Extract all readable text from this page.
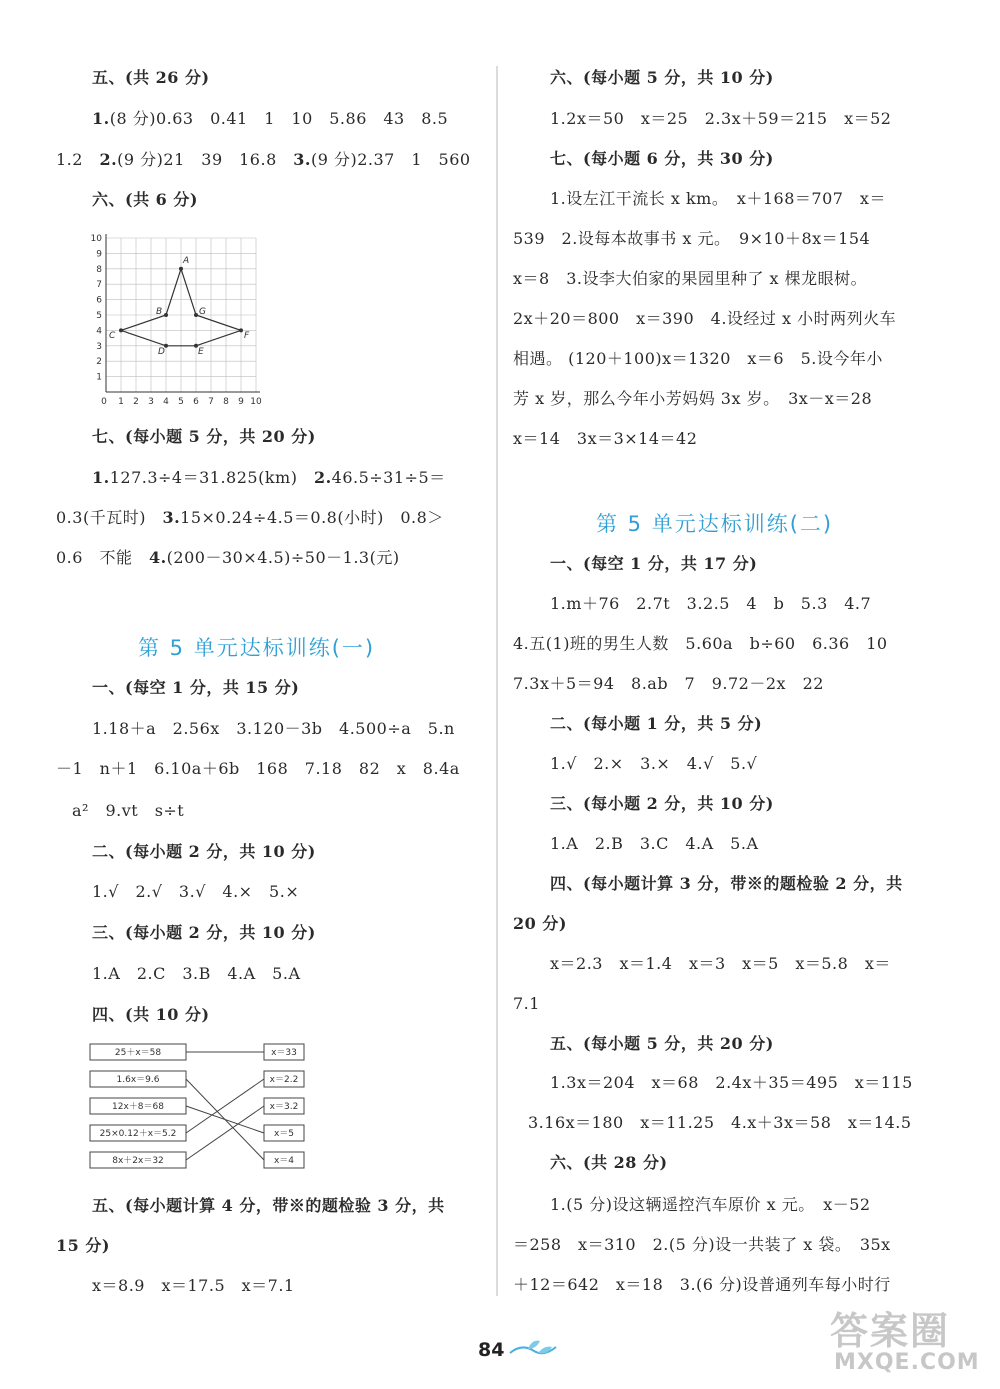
五、(共 26 分)
1.(8 分)0.63　0.41　1　10　5.86　43　8.5
1.2　2.(9 分)21　39　16.8　3.(9 分)2.37　1　560
六、(共 6 分)
A
B	G
C	F
D	E
10
9
8
7
6
5
4
3
2
1
0 1 2 3 4 5 6 7 8 9 10
七、(每小题 5 分，共 20 分)
1.127.3÷4＝31.825(km)　2.46.5÷31÷5＝
0.3(千瓦时)　3.15×0.24÷4.5＝0.8(小时)　0.8＞
0.6　不能　4.(200－30×4.5)÷50－1.3(元)
第 5 单元达标训练(一)
一、(每空 1 分，共 15 分)
1.18＋a　2.56x　3.120－3b　4.500÷a　5.n
－1　n＋1　6.10a＋6b　168　7.18　82　x　8.4a
a²　9.vt　s÷t
二、(每小题 2 分，共 10 分)
1.√　2.√　3.√　4.×　5.×
三、(每小题 2 分，共 10 分)
1.A　2.C　3.B　4.A　5.A
四、(共 10 分)
25＋x＝58
1.6x＝9.6
12x＋8＝68
25×0.12＋x＝5.2
8x＋2x＝32
x＝33
x＝2.2
x＝3.2
x＝5
x＝4
五、(每小题计算 4 分，带※的题检验 3 分，共
15 分)
x＝8.9　x＝17.5　x＝7.1
六、(每小题 5 分，共 10 分)
1.2x＝50　x＝25　2.3x＋59＝215　x＝52
七、(每小题 6 分，共 30 分)
1.设左江干流长 x km。　x＋168＝707　x＝
539　2.设每本故事书 x 元。　9×10＋8x＝154
x＝8　3.设李大伯家的果园里种了 x 棵龙眼树。
2x＋20＝800　x＝390　4.设经过 x 小时两列火车
相遇。 (120＋100)x＝1320　x＝6　5.设今年小
芳 x 岁，那么今年小芳妈妈 3x 岁。　3x－x＝28
x＝14　3x＝3×14＝42
第 5 单元达标训练(二)
一、(每空 1 分，共 17 分)
1.m＋76　2.7t　3.2.5　4　b　5.3　4.7
4.五(1)班的男生人数　5.60a　b÷60　6.36　10
7.3x＋5＝94　8.ab　7　9.72－2x　22
二、(每小题 1 分，共 5 分)
1.√　2.×　3.×　4.√　5.√
三、(每小题 2 分，共 10 分)
1.A　2.B　3.C　4.A　5.A
四、(每小题计算 3 分，带※的题检验 2 分，共
20 分)
x＝2.3　x＝1.4　x＝3　x＝5　x＝5.8　x＝
7.1
五、(每小题 5 分，共 20 分)
1.3x＝204　x＝68　2.4x＋35＝495　x＝115
3.16x＝180　x＝11.25　4.x＋3x＝58　x＝14.5
六、(共 28 分)
1.(5 分)设这辆遥控汽车原价 x 元。　x－52
＝258　x＝310　2.(5 分)设一共装了 x 袋。　35x
＋12＝642　x＝18　3.(6 分)设普通列车每小时行
84	答案圈
MXQE.COM
